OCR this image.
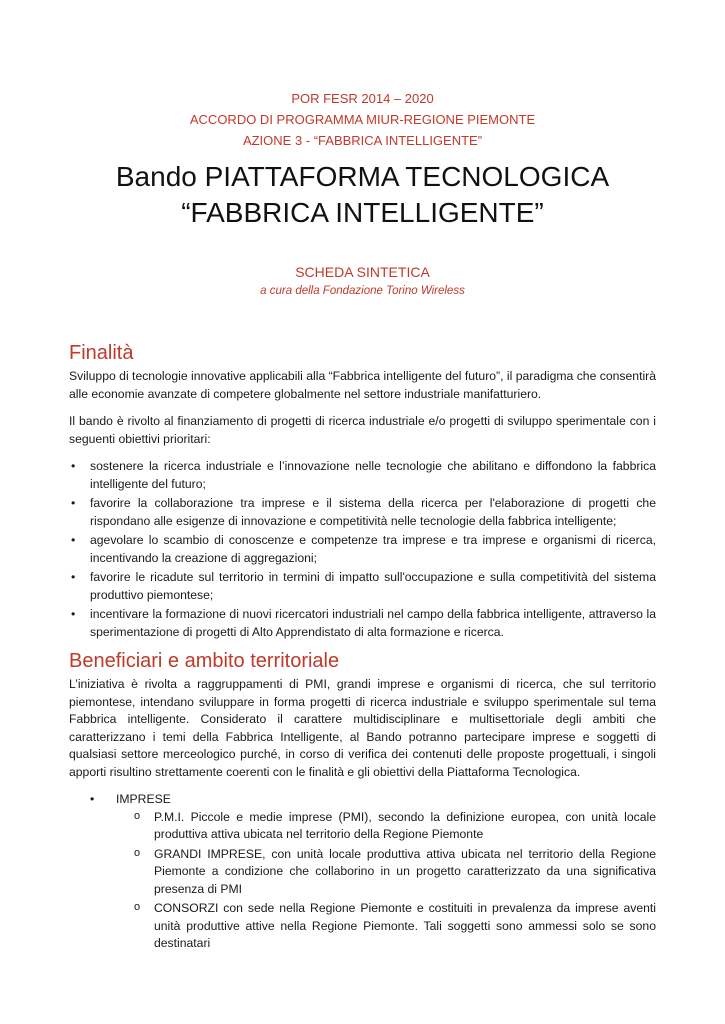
POR FESR 2014 – 2020
ACCORDO DI PROGRAMMA MIUR-REGIONE PIEMONTE
AZIONE 3 - “FABBRICA INTELLIGENTE”
Bando PIATTAFORMA TECNOLOGICA
“FABBRICA INTELLIGENTE”
SCHEDA SINTETICA
a cura della Fondazione Torino Wireless
Finalità

Sviluppo di tecnologie innovative applicabili alla “Fabbrica intelligente del futuro”, il paradigma che consentirà alle economie avanzate di competere globalmente nel settore industriale manifatturiero.

Il bando è rivolto al finanziamento di progetti di ricerca industriale e/o progetti di sviluppo sperimentale con i seguenti obiettivi prioritari:

• sostenere la ricerca industriale e l’innovazione nelle tecnologie che abilitano e diffondono la fabbrica intelligente del futuro;
• favorire la collaborazione tra imprese e il sistema della ricerca per l'elaborazione di progetti che rispondano alle esigenze di innovazione e competitività nelle tecnologie della fabbrica intelligente;
• agevolare lo scambio di conoscenze e competenze tra imprese e tra imprese e organismi di ricerca, incentivando la creazione di aggregazioni;
• favorire le ricadute sul territorio in termini di impatto sull'occupazione e sulla competitività del sistema produttivo piemontese;
• incentivare la formazione di nuovi ricercatori industriali nel campo della fabbrica intelligente, attraverso la sperimentazione di progetti di Alto Apprendistato di alta formazione e ricerca.
Beneficiari e ambito territoriale

L’iniziativa è rivolta a raggruppamenti di PMI, grandi imprese e organismi di ricerca, che sul territorio piemontese, intendano sviluppare in forma progetti di ricerca industriale e sviluppo sperimentale sul tema Fabbrica intelligente. Considerato il carattere multidisciplinare e multisettoriale degli ambiti che caratterizzano i temi della Fabbrica Intelligente, al Bando potranno partecipare imprese e soggetti di qualsiasi settore merceologico purché, in corso di verifica dei contenuti delle proposte progettuali, i singoli apporti risultino strettamente coerenti con le finalità e gli obiettivi della Piattaforma Tecnologica.

• IMPRESE
o P.M.I. Piccole e medie imprese (PMI), secondo la definizione europea, con unità locale produttiva attiva ubicata nel territorio della Regione Piemonte
o GRANDI IMPRESE, con unità locale produttiva attiva ubicata nel territorio della Regione Piemonte a condizione che collaborino in un progetto caratterizzato da una significativa presenza di PMI
o CONSORZI con sede nella Regione Piemonte e costituiti in prevalenza da imprese aventi unità produttive attive nella Regione Piemonte. Tali soggetti sono ammessi solo se sono destinatari
